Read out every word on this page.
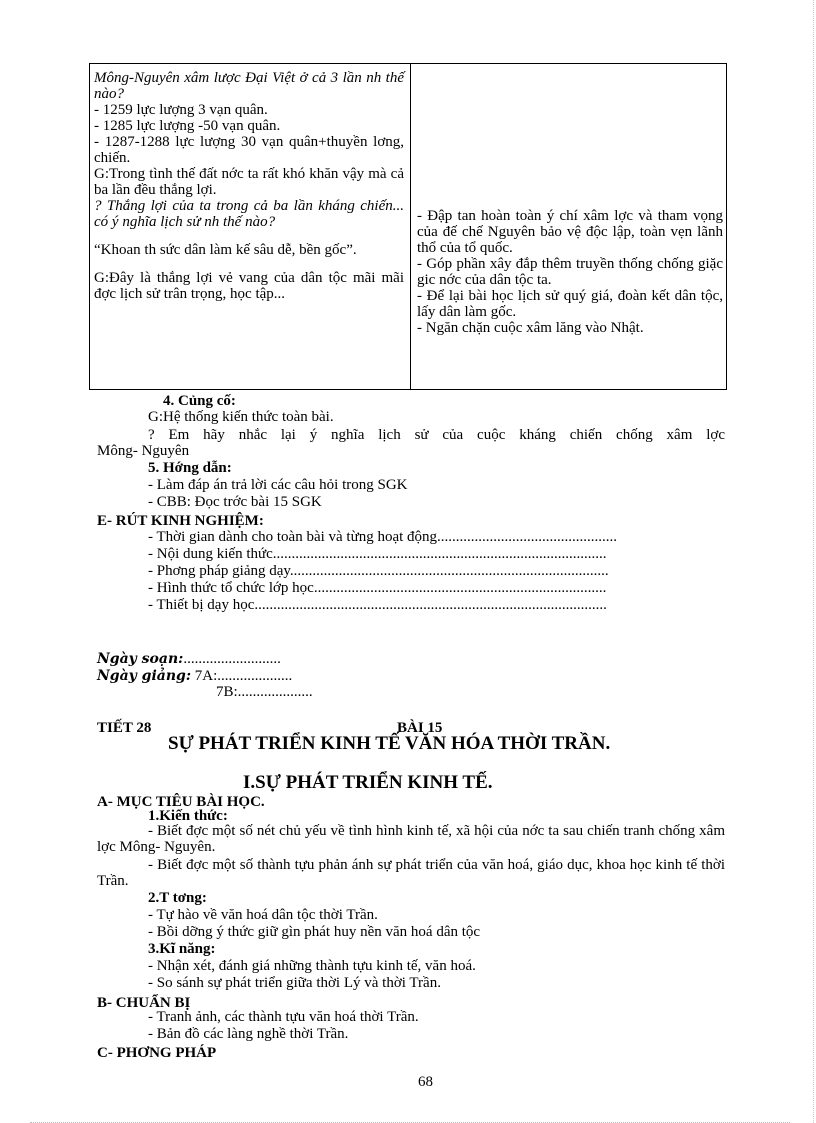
Mông-Nguyên xâm lược Đại Việt ở cả 3 lần nh thế nào?

- 1259 lực lượng 3 vạn quân.

- 1285 lực lượng -50 vạn quân.

- 1287-1288 lực lượng 30 vạn quân+thuyền lơng, chiến.

G:Trong tình thế đất nớc ta rất khó khăn vậy mà cả ba lần đều thắng lợi.

? Thắng lợi của ta trong cả ba lần kháng chiến... có ý nghĩa lịch sử nh thế nào?

“Khoan th sức dân làm kế sâu dễ, bền gốc”.

G:Đây là thắng lợi vẻ vang của dân tộc mãi mãi đợc lịch sử trân trọng, học tập...

- Đập tan hoàn toàn ý chí xâm lợc và tham vọng của đế chế Nguyên bảo vệ độc lập, toàn vẹn lãnh thổ của tổ quốc.

- Góp phần xây đắp thêm truyền thống chống giặc gic nớc của dân tộc ta.

- Để lại bài học lịch sử quý giá, đoàn kết dân tộc, lấy dân làm gốc.

- Ngăn chặn cuộc xâm lăng vào Nhật.

4. Củng cố:
G:Hệ thống kiến thức toàn bài.
? Em hãy nhắc lại ý nghĩa lịch sử của cuộc kháng chiến chống xâm lợc
Mông- Nguyên
5. Hớng dẫn:
- Làm đáp án trả lời các câu hỏi trong SGK
- CBB: Đọc trớc bài 15 SGK
E- RÚT KINH NGHIỆM:
- Thời gian dành cho toàn bài và từng hoạt động................................................
- Nội dung kiến thức.........................................................................................
- Phơng pháp giảng dạy.....................................................................................
- Hình thức tổ chức lớp học..............................................................................
- Thiết bị dạy học..............................................................................................
Ngày soạn:..........................
Ngày giảng: 7A:....................
7B:....................
TIẾT 28	BÀI 15
SỰ PHÁT TRIỂN KINH TẾ VĂN HÓA THỜI TRẦN.
I.SỰ PHÁT TRIỂN KINH TẾ.
A- MỤC TIÊU BÀI HỌC.
1.Kiến thức:
- Biết đợc một số nét chủ yếu về tình hình kinh tế, xã hội của nớc ta sau chiến tranh chống xâm lợc Mông- Nguyên.
- Biết đợc một số thành tựu phản ánh sự phát triển của văn hoá, giáo dục, khoa học kinh tế thời Trần.
2.T tơng:
- Tự hào về văn hoá dân tộc thời Trần.
- Bồi dỡng ý thức giữ gìn phát huy nền văn hoá dân tộc
3.Kĩ năng:
- Nhận xét, đánh giá những thành tựu kinh tế, văn hoá.
- So sánh sự phát triển giữa thời Lý và thời Trần.
B- CHUẨN BỊ
- Tranh ảnh, các thành tựu văn hoá thời Trần.
- Bản đồ các làng nghề thời Trần.
C- PHƠNG PHÁP
68
